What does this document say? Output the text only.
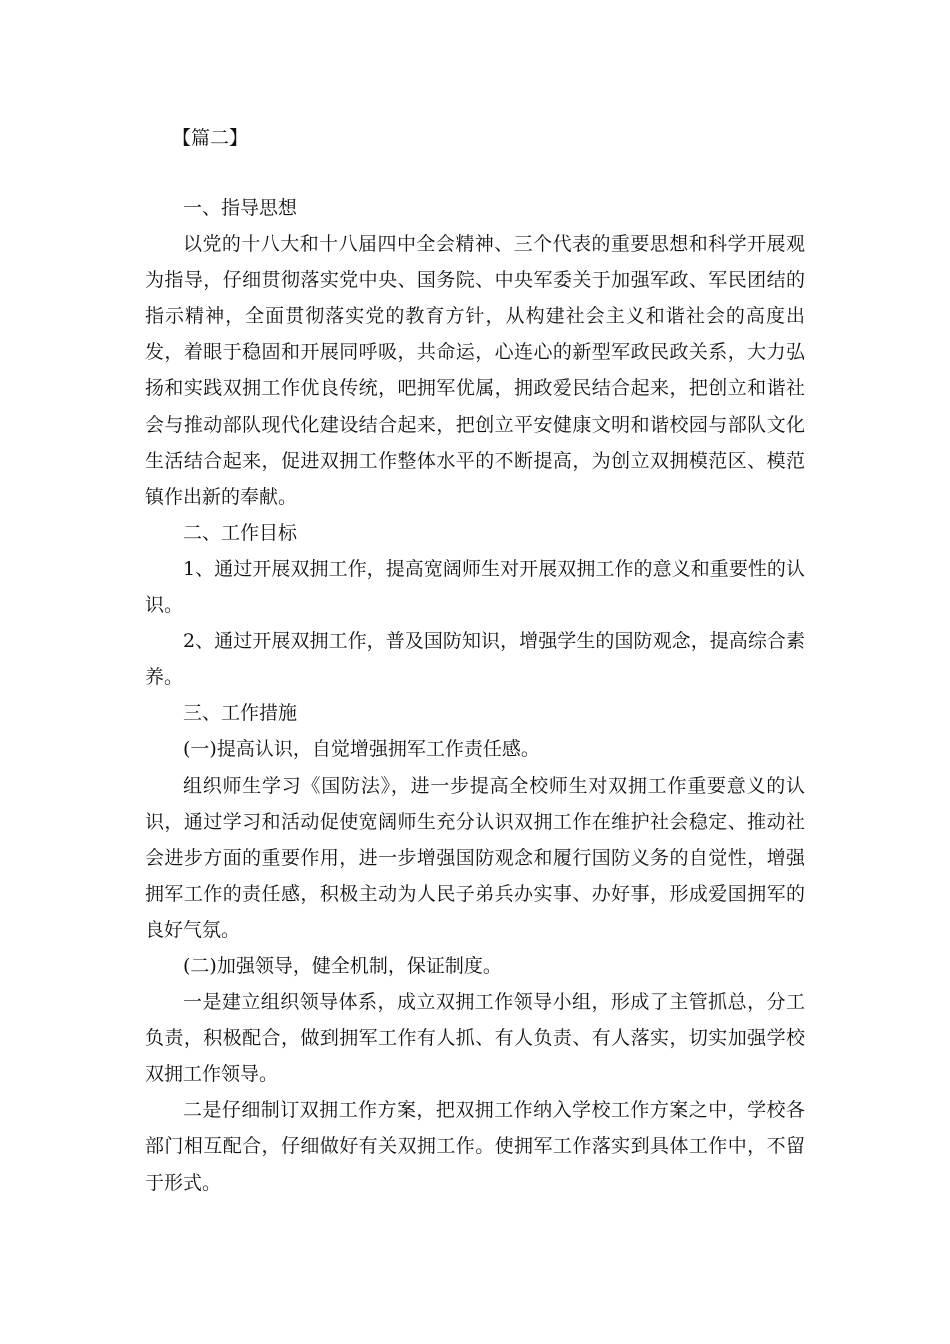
【篇二】

一、指导思想

以党的十八大和十八届四中全会精神、三个代表的重要思想和科学开展观为指导，仔细贯彻落实党中央、国务院、中央军委关于加强军政、军民团结的指示精神，全面贯彻落实党的教育方针，从构建社会主义和谐社会的高度出发，着眼于稳固和开展同呼吸，共命运，心连心的新型军政民政关系，大力弘扬和实践双拥工作优良传统，吧拥军优属，拥政爱民结合起来，把创立和谐社会与推动部队现代化建设结合起来，把创立平安健康文明和谐校园与部队文化生活结合起来，促进双拥工作整体水平的不断提高，为创立双拥模范区、模范镇作出新的奉献。

二、工作目标

1、通过开展双拥工作，提高宽阔师生对开展双拥工作的意义和重要性的认识。

2、通过开展双拥工作，普及国防知识，增强学生的国防观念，提高综合素养。

三、工作措施

(一)提高认识，自觉增强拥军工作责任感。

组织师生学习《国防法》，进一步提高全校师生对双拥工作重要意义的认识，通过学习和活动促使宽阔师生充分认识双拥工作在维护社会稳定、推动社会进步方面的重要作用，进一步增强国防观念和履行国防义务的自觉性，增强拥军工作的责任感，积极主动为人民子弟兵办实事、办好事，形成爱国拥军的良好气氛。

(二)加强领导，健全机制，保证制度。

一是建立组织领导体系，成立双拥工作领导小组，形成了主管抓总，分工负责，积极配合，做到拥军工作有人抓、有人负责、有人落实，切实加强学校双拥工作领导。

二是仔细制订双拥工作方案，把双拥工作纳入学校工作方案之中，学校各部门相互配合，仔细做好有关双拥工作。使拥军工作落实到具体工作中，不留于形式。
